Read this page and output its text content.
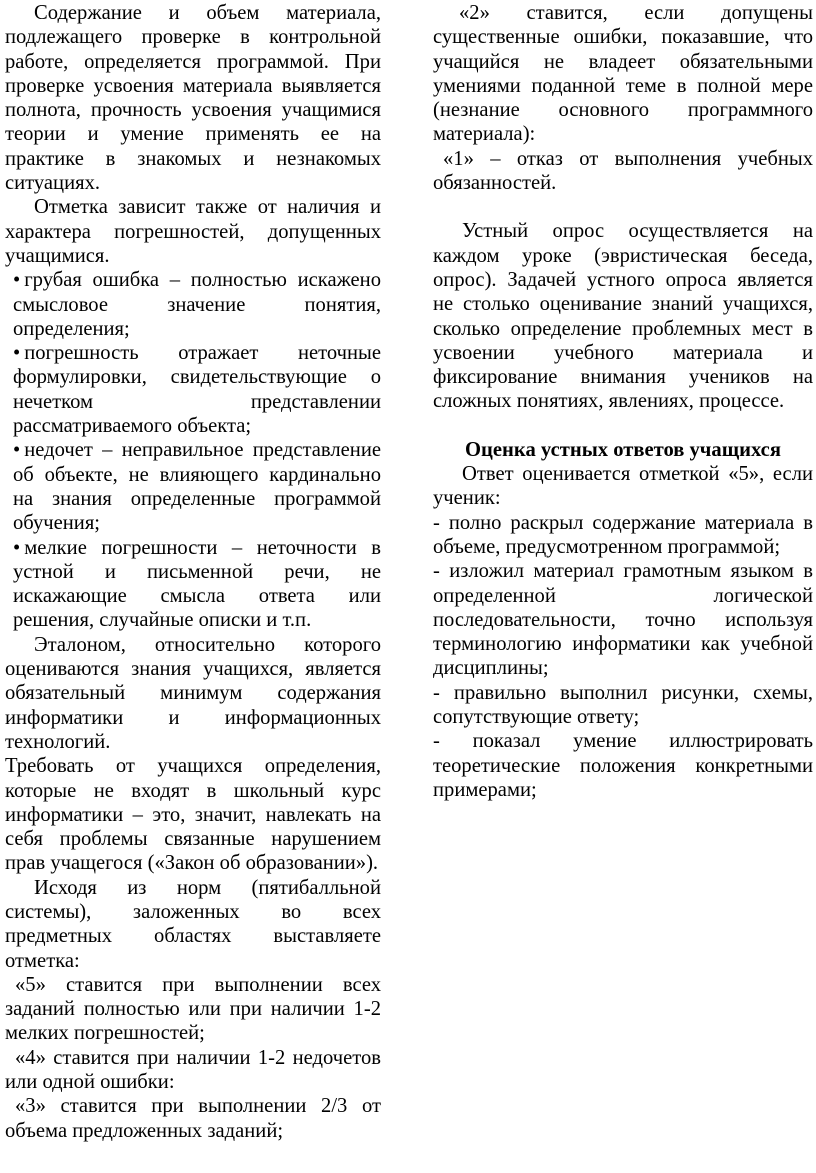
Содержание и объем материала, подлежащего проверке в контрольной работе, определяется программой. При проверке усвоения материала выявляется полнота, прочность усвоения учащимися теории и умение применять ее на практике в знакомых и незнакомых ситуациях.

Отметка зависит также от наличия и характера погрешностей, допущенных учащимися.

• грубая ошибка – полностью искажено смысловое значение понятия, определения;

• погрешность отражает неточные формулировки, свидетельствующие о нечетком представлении рассматриваемого объекта;

• недочет – неправильное представление об объекте, не влияющего кардинально на знания определенные программой обучения;

• мелкие погрешности – неточности в устной и письменной речи, не искажающие смысла ответа или решения, случайные описки и т.п.

Эталоном, относительно которого оцениваются знания учащихся, является обязательный минимум содержания информатики и информационных технологий.

Требовать от учащихся определения, которые не входят в школьный курс информатики – это, значит, навлекать на себя проблемы связанные нарушением прав учащегося («Закон об образовании»).

Исходя из норм (пятибалльной системы), заложенных во всех предметных областях выставляете отметка:

«5» ставится при выполнении всех заданий полностью или при наличии 1-2 мелких погрешностей;

«4» ставится при наличии 1-2 недочетов или одной ошибки:

«3» ставится при выполнении 2/3 от объема предложенных заданий;

«2» ставится, если допущены существенные ошибки, показавшие, что учащийся не владеет обязательными умениями поданной теме в полной мере (незнание основного программного материала):

«1» – отказ от выполнения учебных обязанностей.

Устный опрос осуществляется на каждом уроке (эвристическая беседа, опрос). Задачей устного опроса является не столько оценивание знаний учащихся, сколько определение проблемных мест в усвоении учебного материала и фиксирование внимания учеников на сложных понятиях, явлениях, процессе.

Оценка устных ответов учащихся

Ответ оценивается отметкой «5», если ученик:

- полно раскрыл содержание материала в объеме, предусмотренном программой;

- изложил материал грамотным языком в определенной логической последовательности, точно используя терминологию информатики как учебной дисциплины;

- правильно выполнил рисунки, схемы, сопутствующие ответу;

- показал умение иллюстрировать теоретические положения конкретными примерами;
